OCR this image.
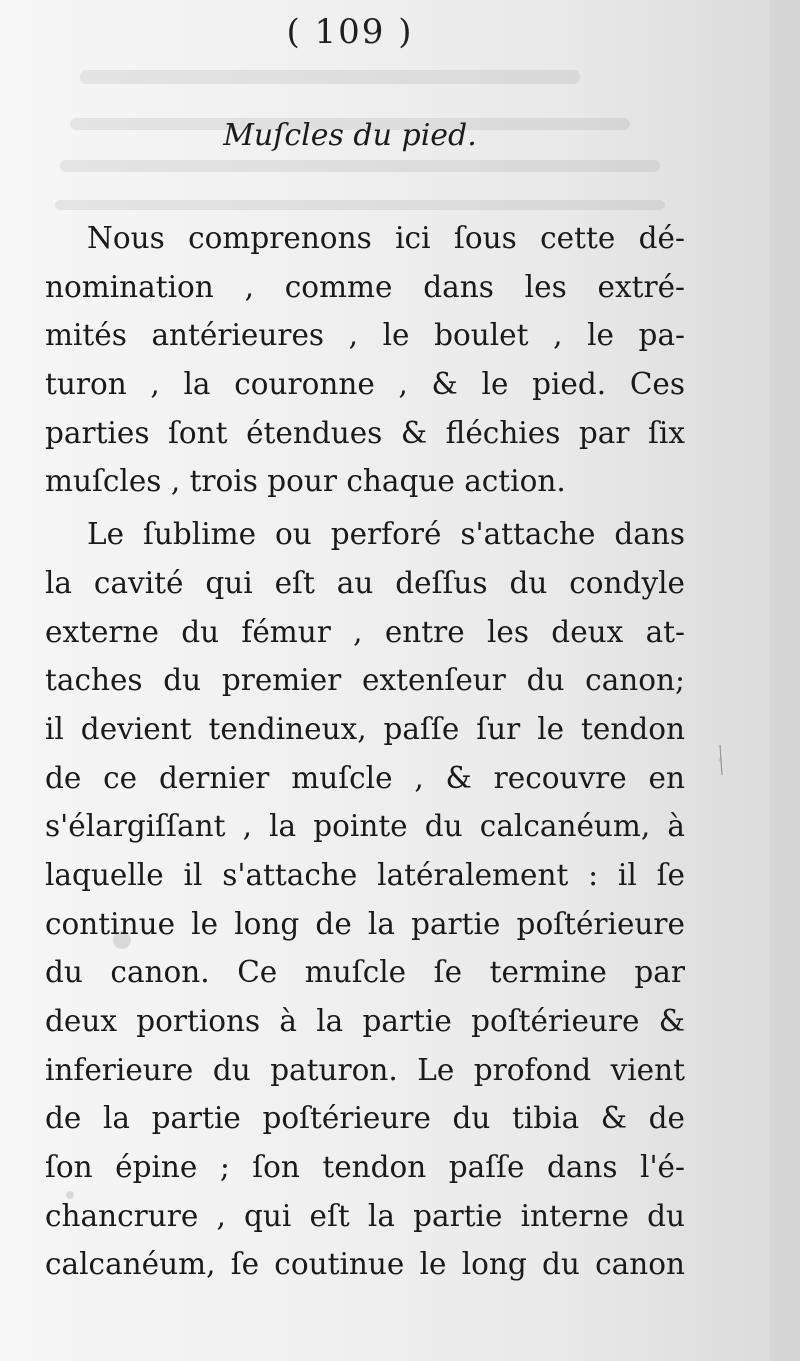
( 109 )
Muſcles du pied.
Nous comprenons ici ſous cette dé-
nomination , comme dans les extré-
mités antérieures , le boulet , le pa-
turon , la couronne , & le pied. Ces
parties ſont étendues & fléchies par ſix
muſcles , trois pour chaque action.
Le ſublime ou perforé s'attache dans
la cavité qui eſt au deſſus du condyle
externe du fémur , entre les deux at-
taches du premier extenſeur du canon;
il devient tendineux, paſſe ſur le tendon
de ce dernier muſcle , & recouvre en
s'élargiſſant , la pointe du calcanéum, à
laquelle il s'attache latéralement : il ſe
continue le long de la partie poſtérieure
du canon. Ce muſcle ſe termine par
deux portions à la partie poſtérieure &
inferieure du paturon. Le profond vient
de la partie poſtérieure du tibia & de
ſon épine ; ſon tendon paſſe dans l'é-
chancrure , qui eſt la partie interne du
calcanéum, ſe coutinue le long du canon
